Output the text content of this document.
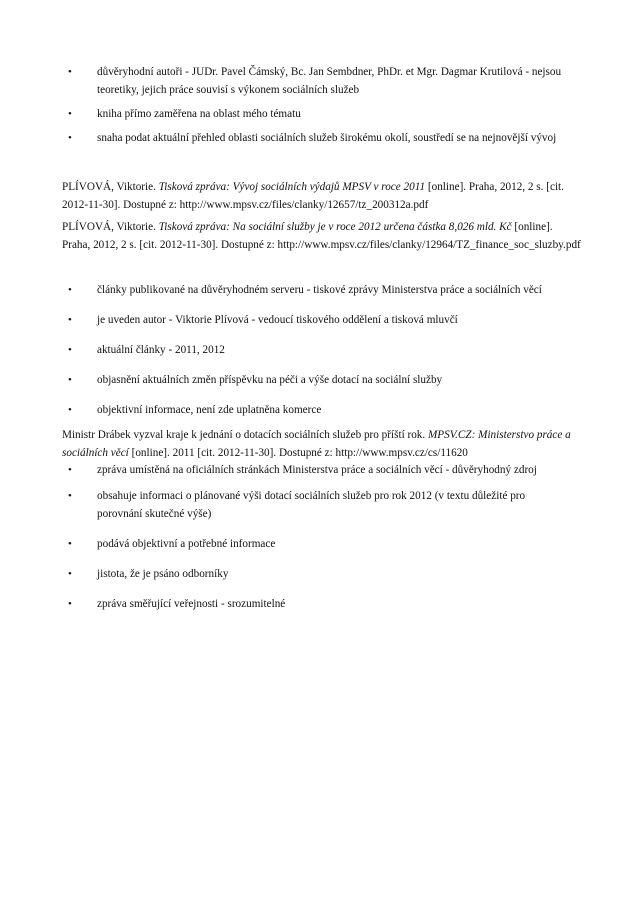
• důvěryhodní autoři - JUDr. Pavel Čámský, Bc. Jan Sembdner, PhDr. et Mgr. Dagmar Krutilová - nejsou teoretiky, jejich práce souvisí s výkonem sociálních služeb
• kniha přímo zaměřena na oblast mého tématu
• snaha podat aktuální přehled oblasti sociálních služeb širokému okolí, soustředí se na nejnovější vývoj

PLÍVOVÁ, Viktorie. Tisková zpráva: Vývoj sociálních výdajů MPSV v roce 2011 [online]. Praha, 2012, 2 s. [cit. 2012-11-30]. Dostupné z: http://www.mpsv.cz/files/clanky/12657/tz_200312a.pdf

PLÍVOVÁ, Viktorie. Tisková zpráva: Na sociální služby je v roce 2012 určena částka 8,026 mld. Kč [online]. Praha, 2012, 2 s. [cit. 2012-11-30]. Dostupné z: http://www.mpsv.cz/files/clanky/12964/TZ_finance_soc_sluzby.pdf

• články publikované na důvěryhodném serveru - tiskové zprávy Ministerstva práce a sociálních věcí
• je uveden autor - Viktorie Plívová - vedoucí tiskového oddělení a tisková mluvčí
• aktuální články - 2011, 2012
• objasnění aktuálních změn příspěvku na péči a výše dotací na sociální služby
• objektivní informace, není zde uplatněna komerce

Ministr Drábek vyzval kraje k jednání o dotacích sociálních služeb pro příští rok. MPSV.CZ: Ministerstvo práce a sociálních věcí [online]. 2011 [cit. 2012-11-30]. Dostupné z: http://www.mpsv.cz/cs/11620

• zpráva umístěná na oficiálních stránkách Ministerstva práce a sociálních věcí - důvěryhodný zdroj
• obsahuje informaci o plánované výši dotací sociálních služeb pro rok 2012 (v textu důležité pro porovnání skutečné výše)
• podává objektivní a potřebné informace
• jistota, že je psáno odborníky
• zpráva směřující veřejnosti - srozumitelné
